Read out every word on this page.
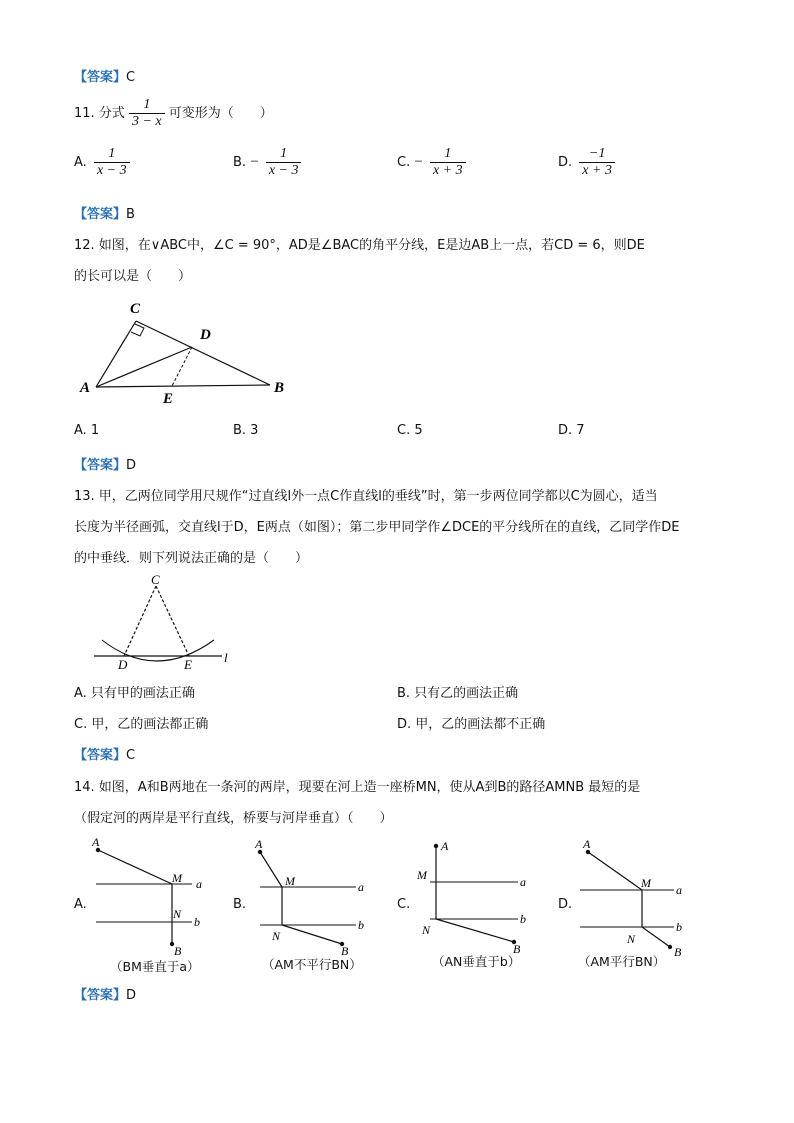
【答案】C
11. 分式 $\frac{1}{3 - x}$ 可变形为（　　）
A. $\frac{1}{x - 3}$	B. − $\frac{1}{x - 3}$	C. − $\frac{1}{x + 3}$	D. $\frac{-1}{x + 3}$
【答案】B
12. 如图，在∨ABC中，∠C = 90°，AD是∠BAC的角平分线，E是边AB上一点，若CD = 6，则DE
的长可以是（　　）
C
D
A	B
E
A. 1	B. 3	C. 5	D. 7
【答案】D
13. 甲，乙两位同学用尺规作“过直线l外一点C作直线l的垂线”时，第一步两位同学都以C为圆心，适当
长度为半径画弧，交直线l于D，E两点（如图）；第二步甲同学作∠DCE的平分线所在的直线，乙同学作DE
的中垂线．则下列说法正确的是（　　）
C
D	E l
A. 只有甲的画法正确	B. 只有乙的画法正确
C. 甲，乙的画法都正确	D. 甲，乙的画法都不正确
【答案】C
14. 如图，A和B两地在一条河的两岸，现要在河上造一座桥MN，使从A到B的路径AMNB 最短的是
（假定河的两岸是平行直线，桥要与河岸垂直）（　　）
A.
A
M
N
B
a
b
（BM垂直于a）
B.
A
M
N
B
a
b
（AM不平行BN）
C.
A
M
N
B
a
b
（AN垂直于b）
D.
A
M
N
B
a
b
（AM平行BN）
【答案】D
